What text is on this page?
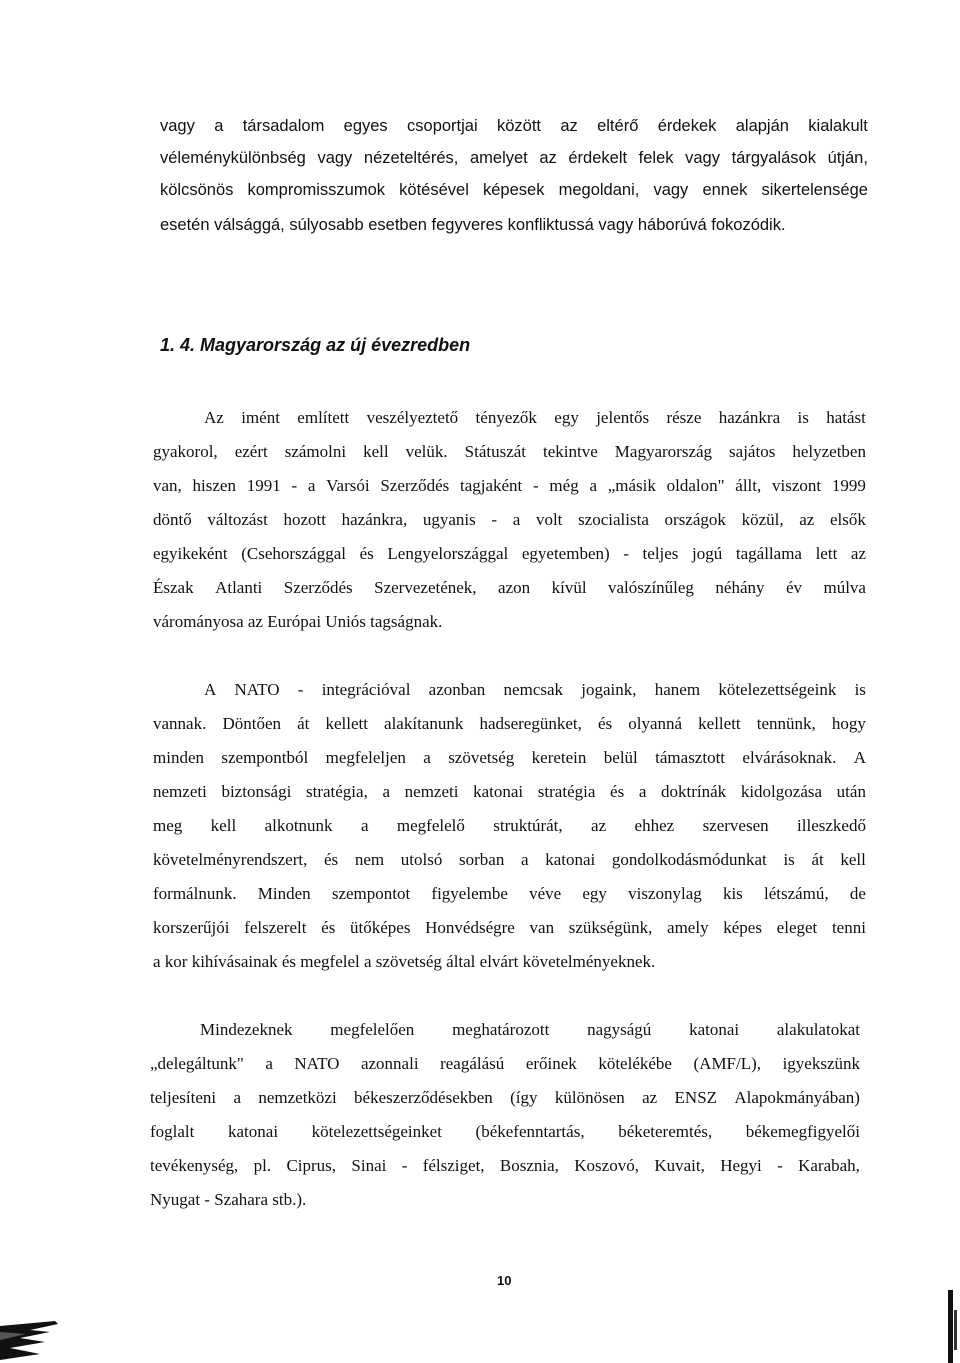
vagy a társadalom egyes csoportjai között az eltérő érdekek alapján kialakult
véleménykülönbség vagy nézeteltérés, amelyet az érdekelt felek vagy tárgyalások útján,
kölcsönös kompromisszumok kötésével képesek megoldani, vagy ennek sikertelensége
esetén válsággá, súlyosabb esetben fegyveres konfliktussá vagy háborúvá fokozódik.
1. 4. Magyarország az új évezredben
Az imént említett veszélyeztető tényezők egy jelentős része hazánkra is hatást
gyakorol, ezért számolni kell velük. Státuszát tekintve Magyarország sajátos helyzetben
van, hiszen 1991 - a Varsói Szerződés tagjaként - még a „másik oldalon" állt, viszont 1999
döntő változást hozott hazánkra, ugyanis - a volt szocialista országok közül, az elsők
egyikeként (Csehországgal és Lengyelországgal egyetemben) - teljes jogú tagállama lett az
Észak Atlanti Szerződés Szervezetének, azon kívül valószínűleg néhány év múlva
várományosa az Európai Uniós tagságnak.
A NATO - integrációval azonban nemcsak jogaink, hanem kötelezettségeink is
vannak. Döntően át kellett alakítanunk hadseregünket, és olyanná kellett tennünk, hogy
minden szempontból megfeleljen a szövetség keretein belül támasztott elvárásoknak. A
nemzeti biztonsági stratégia, a nemzeti katonai stratégia és a doktrínák kidolgozása után
meg kell alkotnunk a megfelelő struktúrát, az ehhez szervesen illeszkedő
követelményrendszert, és nem utolsó sorban a katonai gondolkodásmódunkat is át kell
formálnunk. Minden szempontot figyelembe véve egy viszonylag kis létszámú, de
korszerűjói felszerelt és ütőképes Honvédségre van szükségünk, amely képes eleget tenni
a kor kihívásainak és megfelel a szövetség által elvárt követelményeknek.
Mindezeknek megfelelően meghatározott nagyságú katonai alakulatokat
„delegáltunk" a NATO azonnali reagálású erőinek kötelékébe (AMF/L), igyekszünk
teljesíteni a nemzetközi békeszerződésekben (így különösen az ENSZ Alapokmányában)
foglalt katonai kötelezettségeinket (békefenntartás, béketeremtés, békemegfigyelői
tevékenység, pl. Ciprus, Sinai - félsziget, Bosznia, Koszovó, Kuvait, Hegyi - Karabah,
Nyugat - Szahara stb.).
10
